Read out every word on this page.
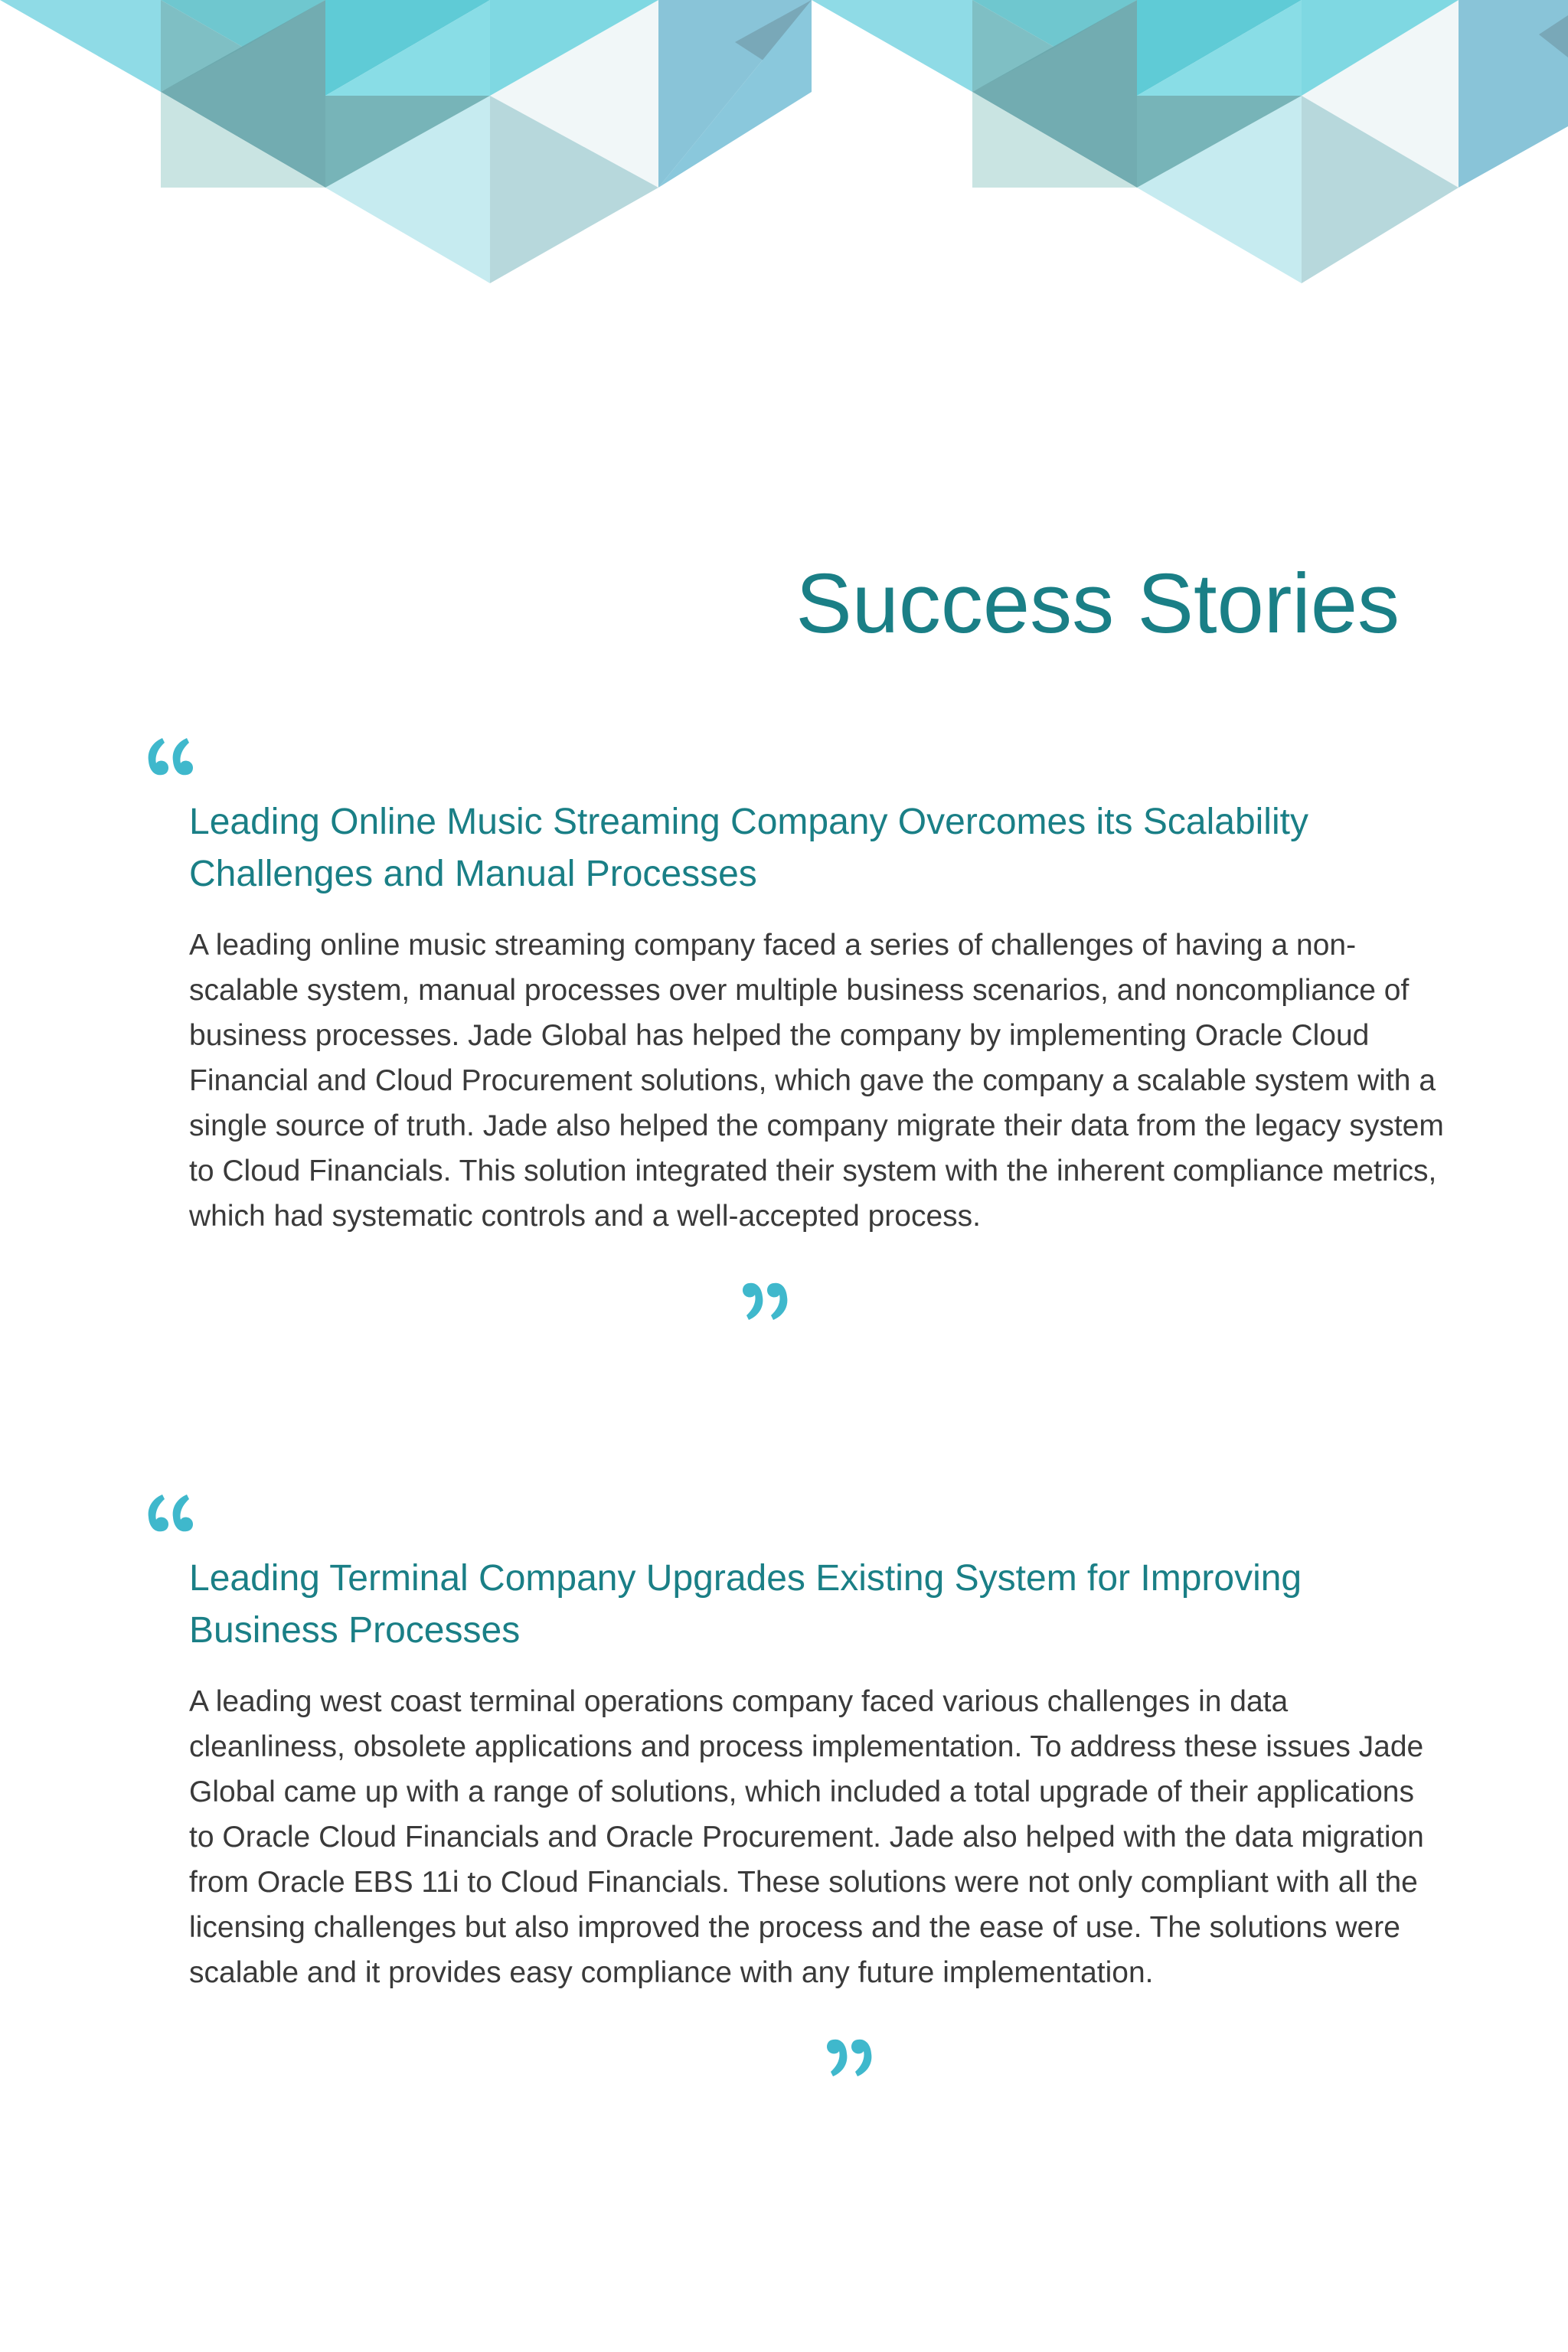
Success Stories
Leading Online Music Streaming Company Overcomes its Scalability Challenges and Manual Processes

A leading online music streaming company faced a series of challenges of having a non-scalable system, manual processes over multiple business scenarios, and noncompliance of business processes. Jade Global has helped the company by implementing Oracle Cloud Financial and Cloud Procurement solutions, which gave the company a scalable system with a single source of truth. Jade also helped the company migrate their data from the legacy system to Cloud Financials. This solution integrated their system with the inherent compliance metrics, which had systematic controls and a well-accepted process.

Leading Terminal Company Upgrades Existing System for Improving Business Processes

A leading west coast terminal operations company faced various challenges in data cleanliness, obsolete applications and process implementation. To address these issues Jade Global came up with a range of solutions, which included a total upgrade of their applications to Oracle Cloud Financials and Oracle Procurement. Jade also helped with the data migration from Oracle EBS 11i to Cloud Financials. These solutions were not only compliant with all the licensing challenges but also improved the process and the ease of use. The solutions were scalable and it provides easy compliance with any future implementation.
